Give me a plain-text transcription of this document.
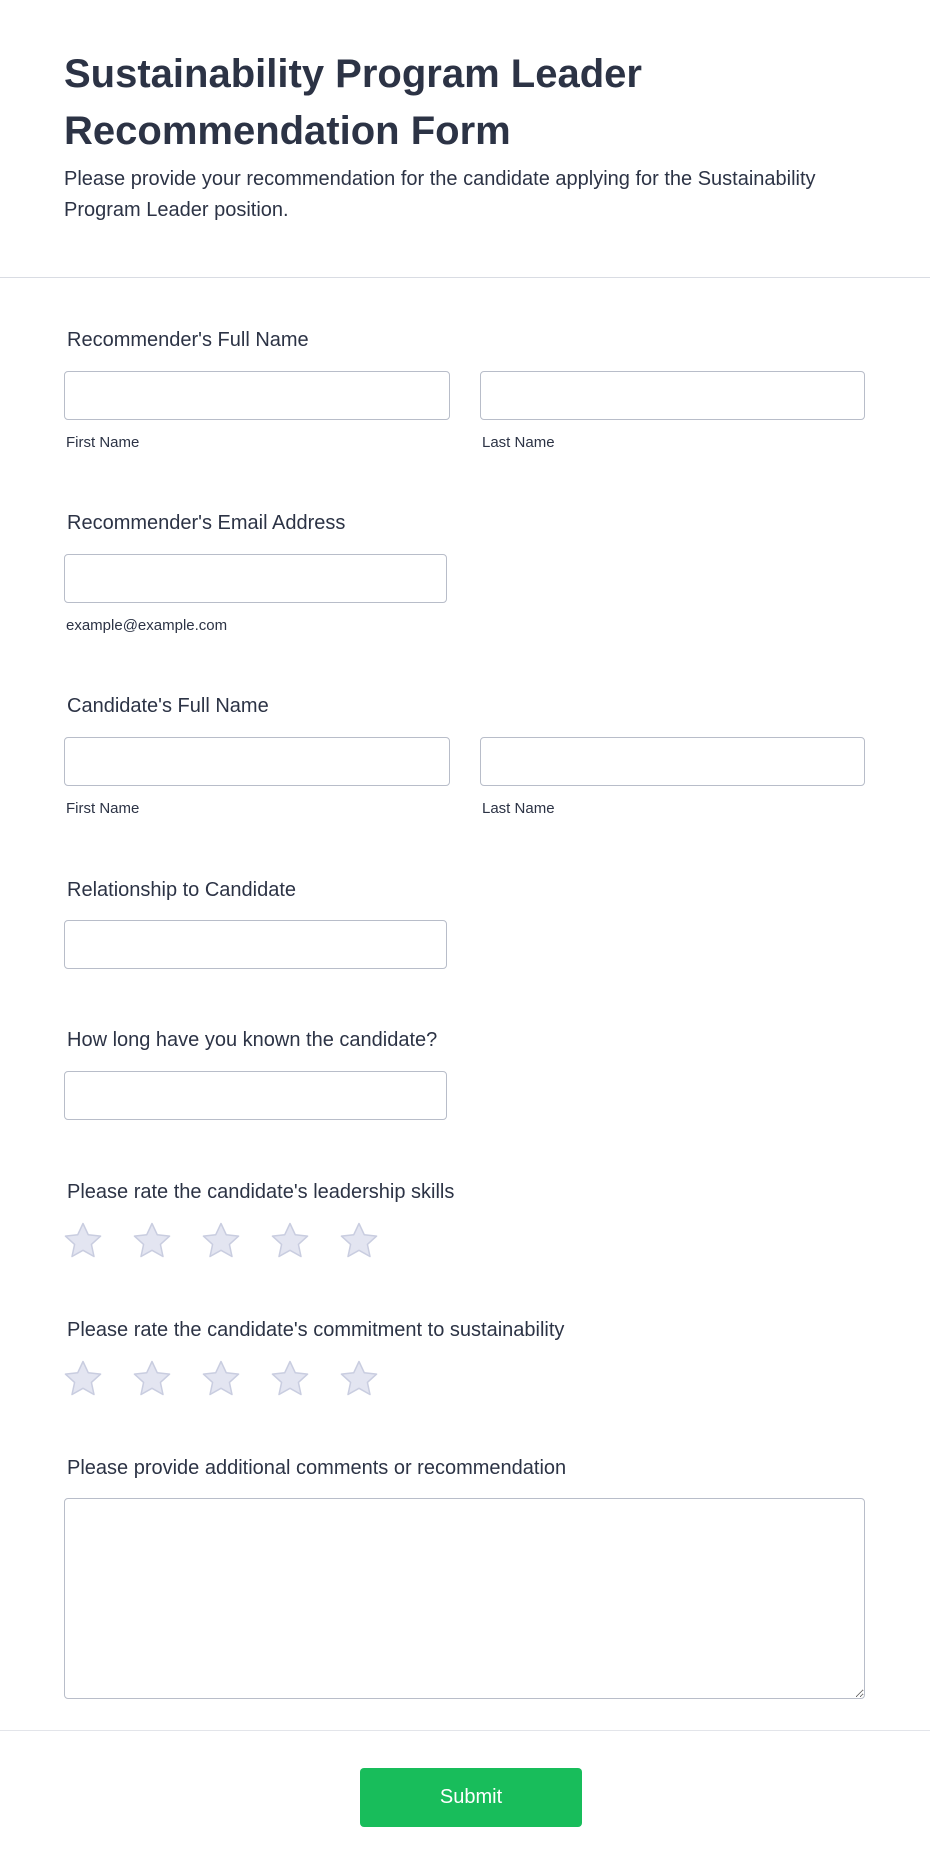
Sustainability Program Leader Recommendation Form

Please provide your recommendation for the candidate applying for the Sustainability Program Leader position.

Recommender's Full Name
First Name	Last Name
Recommender's Email Address
example@example.com
Candidate's Full Name
First Name	Last Name
Relationship to Candidate
How long have you known the candidate?
Please rate the candidate's leadership skills
Please rate the candidate's commitment to sustainability
Please provide additional comments or recommendation
Submit
